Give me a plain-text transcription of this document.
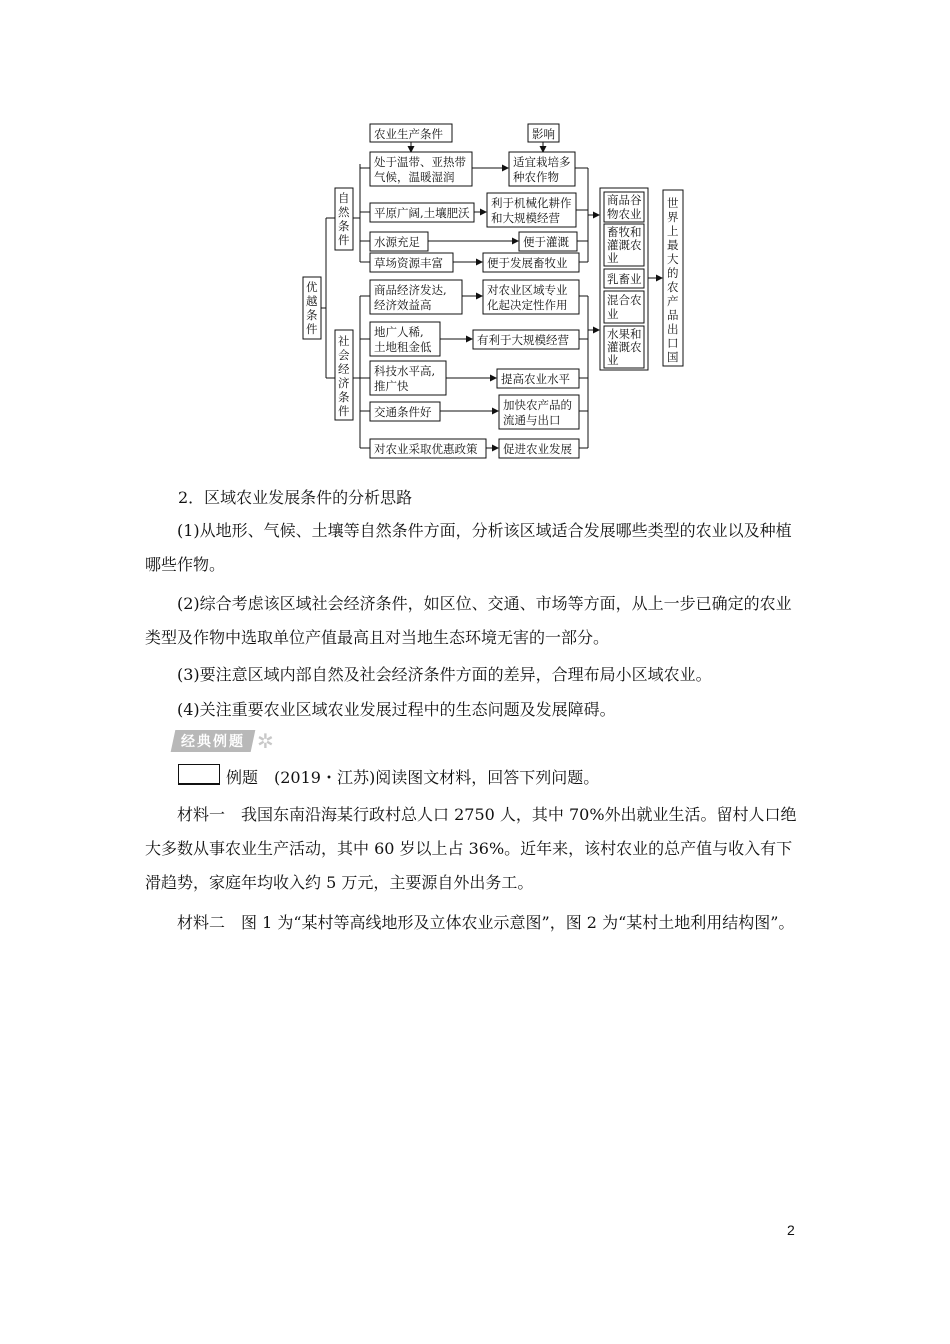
农业生产条件	影响
优
越
条
件
自
然
条
件
社
会
经
济
条
件
处于温带、亚热带
气候，温暖湿润
适宜栽培多
种农作物
平原广阔,土壤肥沃
利于机械化耕作
和大规模经营
水源充足	便于灌溉
草场资源丰富	便于发展畜牧业
商品经济发达,
经济效益高
对农业区域专业
化起决定性作用
地广人稀,
土地租金低	有利于大规模经营
科技水平高,
推广快	提高农业水平
交通条件好	加快农产品的
流通与出口
对农业采取优惠政策 促进农业发展
商品谷
物农业
畜牧和
灌溉农
业
乳畜业
混合农
业
水果和
灌溉农
业
世
界
上
最
大
的
农
产
品
出
口
国

2．区域农业发展条件的分析思路

(1)从地形、气候、土壤等自然条件方面，分析该区域适合发展哪些类型的农业以及种植哪些作物。

(2)综合考虑该区域社会经济条件，如区位、交通、市场等方面，从上一步已确定的农业类型及作物中选取单位产值最高且对当地生态环境无害的一部分。

(3)要注意区域内部自然及社会经济条件方面的差异，合理布局小区域农业。

(4)关注重要农业区域农业发展过程中的生态问题及发展障碍。

经典例题 ✲
例题　(2019・江苏)阅读图文材料，回答下列问题。

材料一　我国东南沿海某行政村总人口 2750 人，其中 70%外出就业生活。留村人口绝大多数从事农业生产活动，其中 60 岁以上占 36%。近年来，该村农业的总产值与收入有下滑趋势，家庭年均收入约 5 万元，主要源自外出务工。

材料二　图 1 为“某村等高线地形及立体农业示意图”，图 2 为“某村土地利用结构图”。

2
